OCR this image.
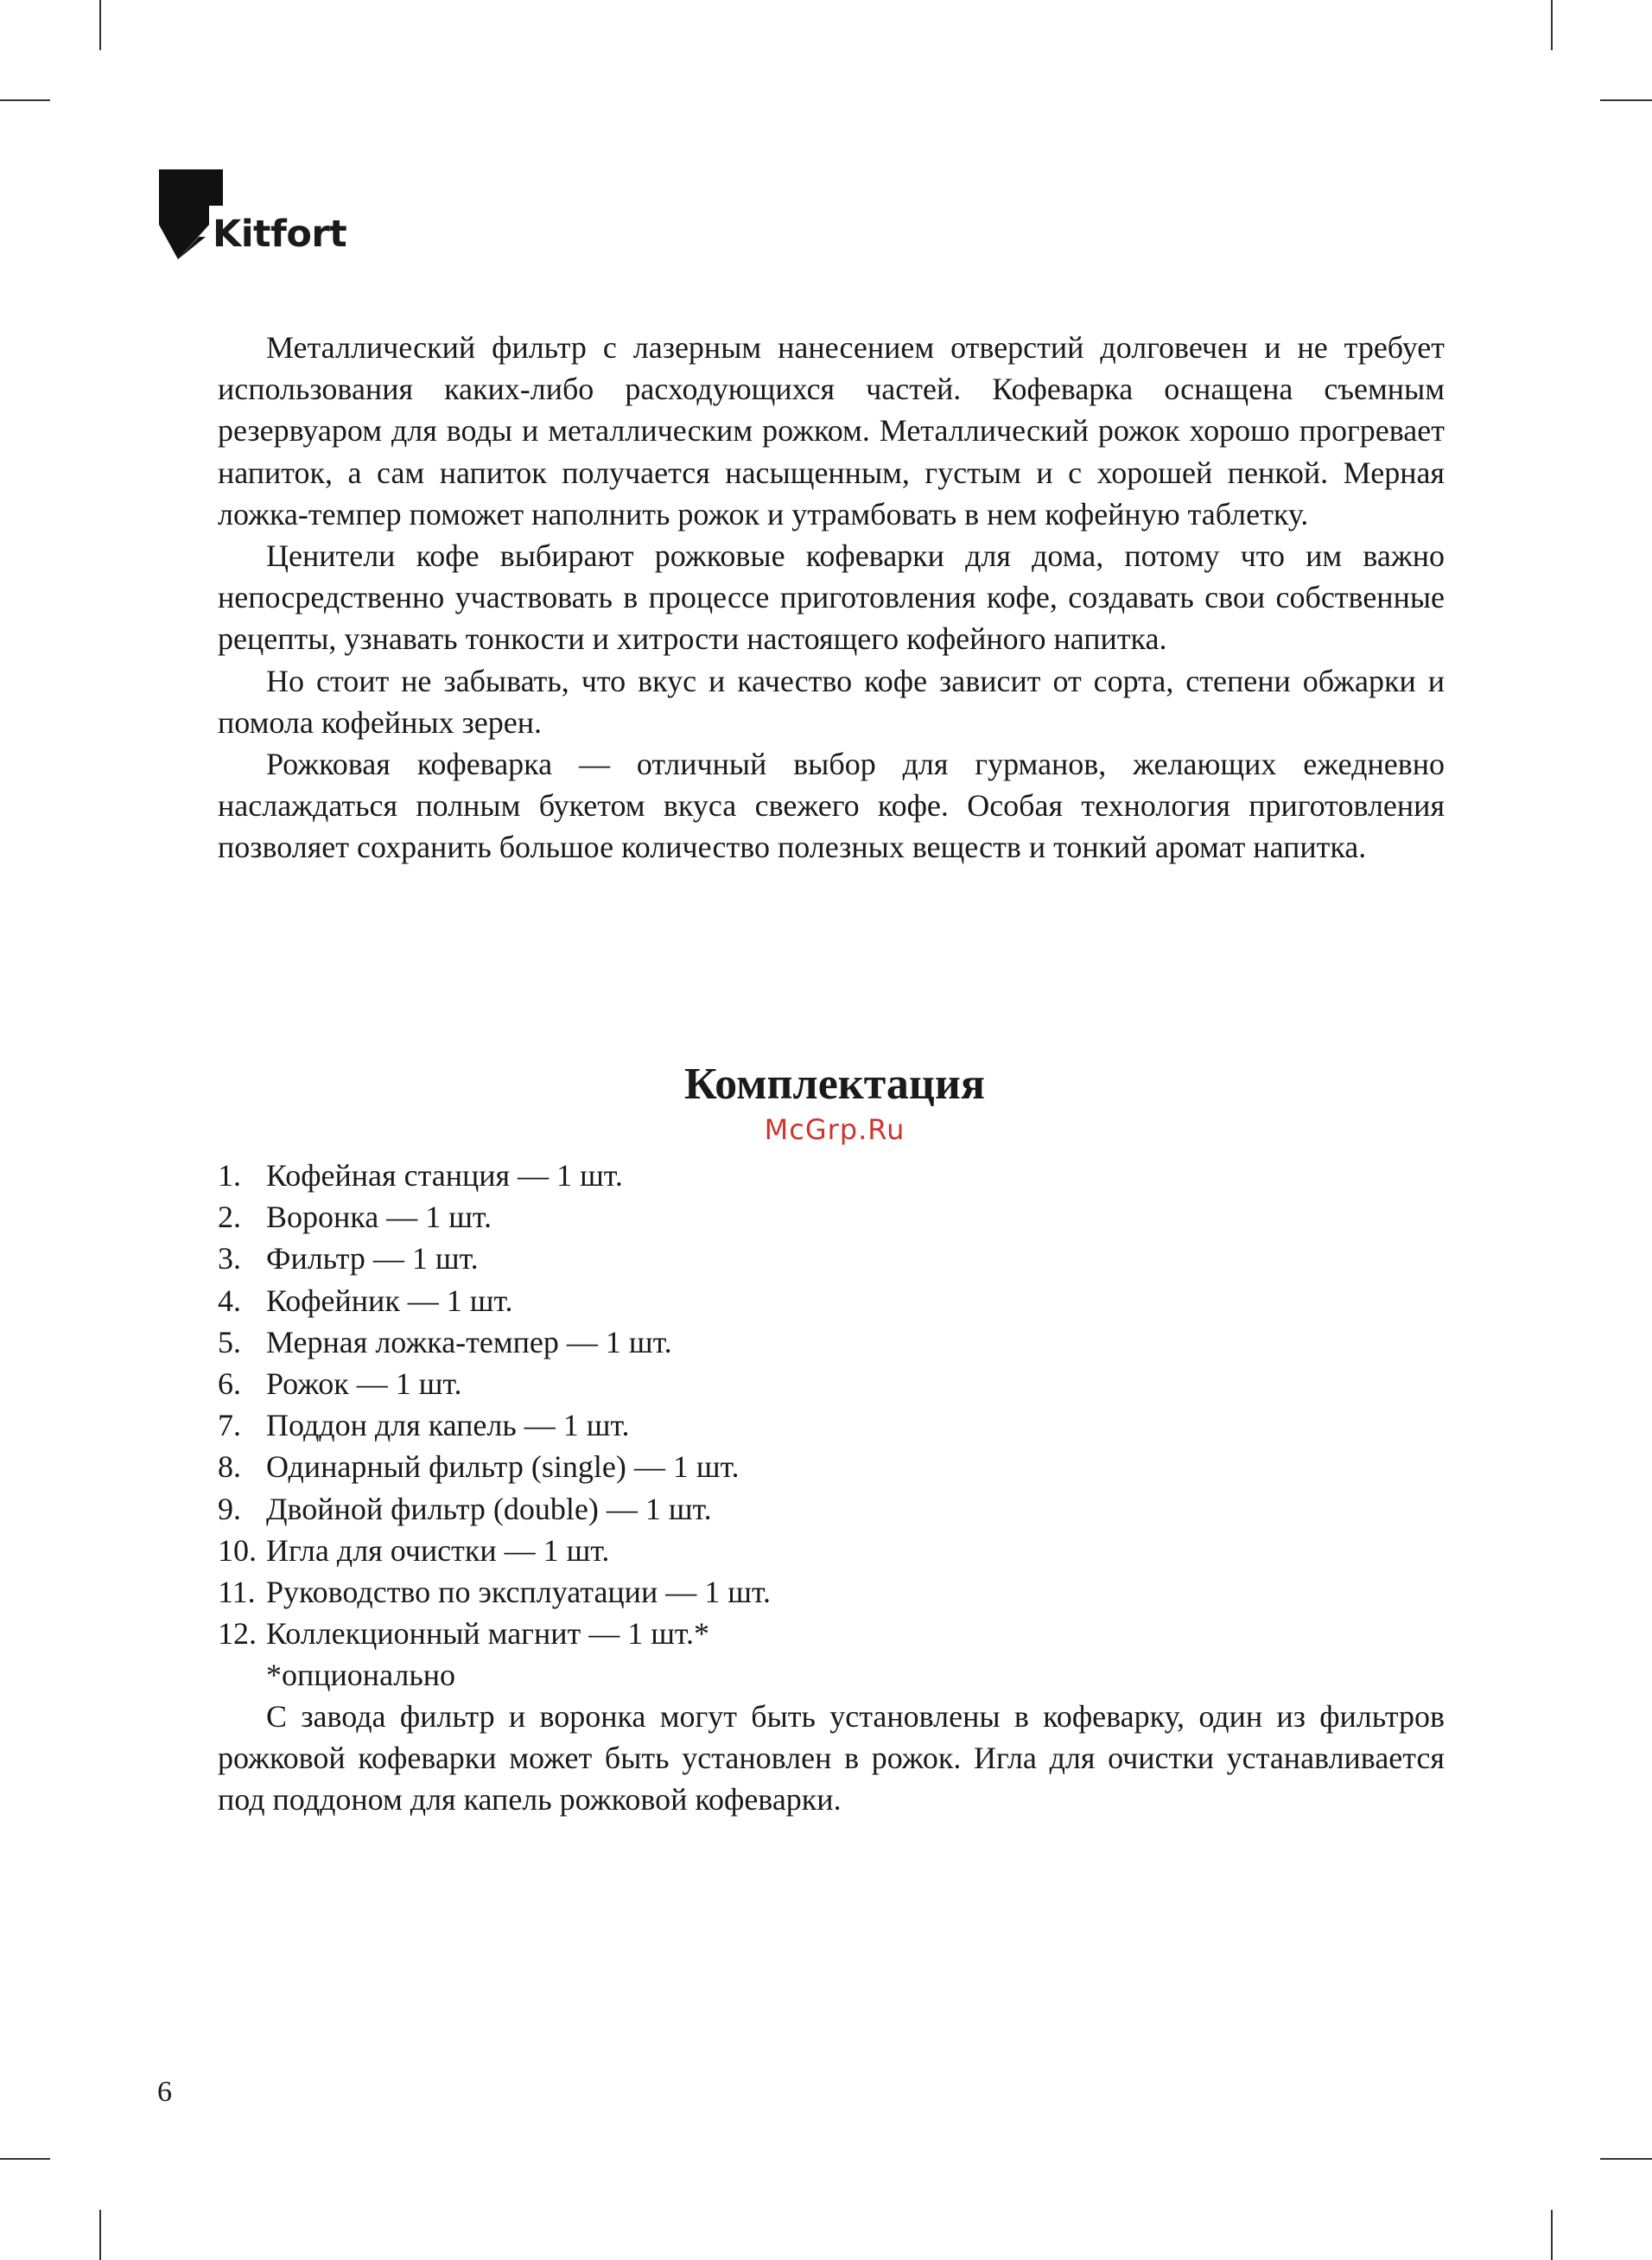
Kitfort

Металлический фильтр с лазерным нанесением отверстий долговечен и не требует использования каких-либо расходующихся частей. Кофеварка оснащена съемным резервуаром для воды и металлическим рожком. Металлический рожок хорошо прогревает напиток, а сам напиток получается насыщенным, густым и с хорошей пенкой. Мерная ложка-темпер поможет наполнить рожок и утрамбовать в нем кофейную таблетку.

Ценители кофе выбирают рожковые кофеварки для дома, потому что им важно непосредственно участвовать в процессе приготовления кофе, создавать свои собственные рецепты, узнавать тонкости и хитрости настоящего кофейного напитка.

Но стоит не забывать, что вкус и качество кофе зависит от сорта, степени обжарки и помола кофейных зерен.

Рожковая кофеварка — отличный выбор для гурманов, желающих ежедневно наслаждаться полным букетом вкуса свежего кофе. Особая технология приготовления позволяет сохранить большое количество полезных веществ и тонкий аромат напитка.

Комплектация
McGrp.Ru
1. Кофейная станция — 1 шт.
2. Воронка — 1 шт.
3. Фильтр — 1 шт.
4. Кофейник — 1 шт.
5. Мерная ложка-темпер — 1 шт.
6. Рожок — 1 шт.
7. Поддон для капель — 1 шт.
8. Одинарный фильтр (single) — 1 шт.
9. Двойной фильтр (double) — 1 шт.
10. Игла для очистки — 1 шт.
11. Руководство по эксплуатации — 1 шт.
12. Коллекционный магнит — 1 шт.*
*опционально

С завода фильтр и воронка могут быть установлены в кофеварку, один из фильтров рожковой кофеварки может быть установлен в рожок. Игла для очистки устанавливается под поддоном для капель рожковой кофеварки.

6
